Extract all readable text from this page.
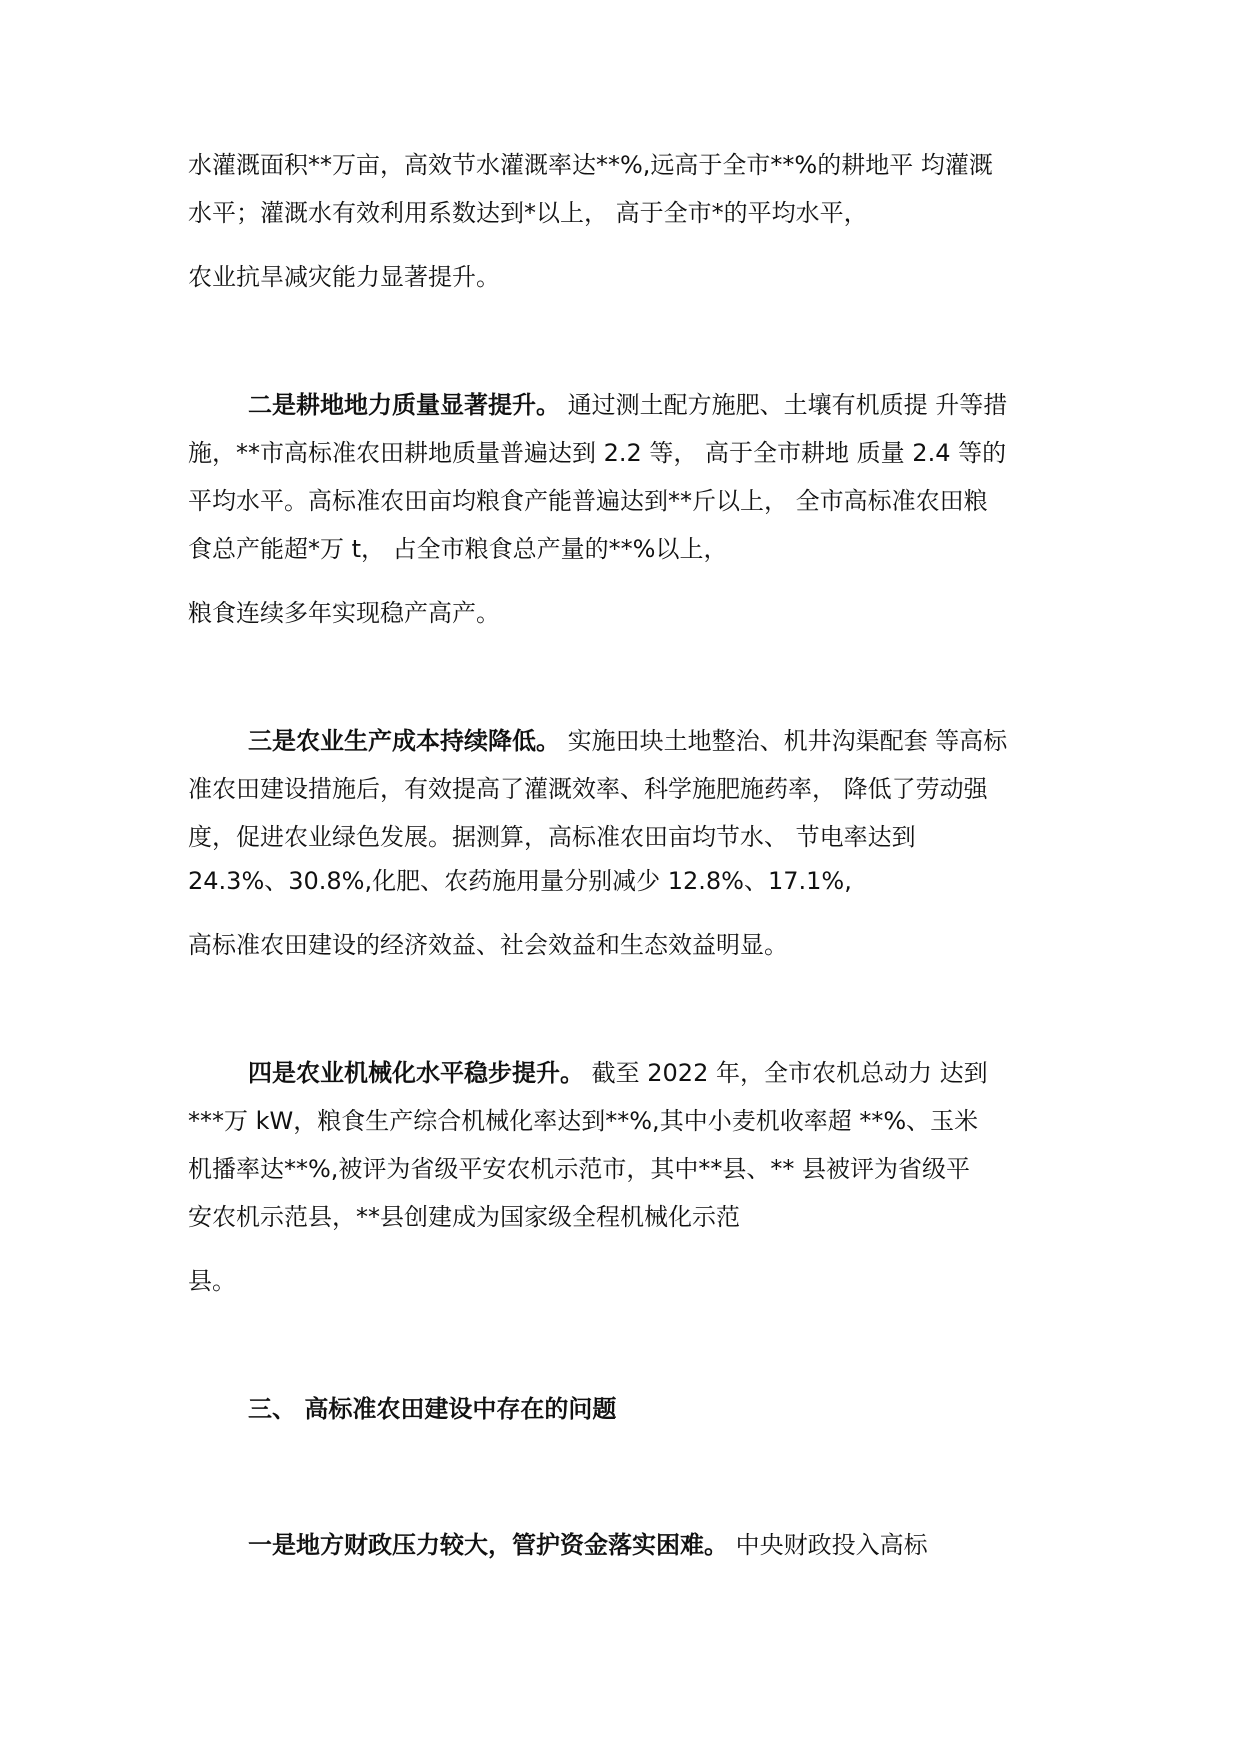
水灌溉面积**万亩，高效节水灌溉率达**%,远高于全市**%的耕地平 均灌溉
水平；灌溉水有效利用系数达到*以上， 高于全市*的平均水平，
农业抗旱减灾能力显著提升。
二是耕地地力质量显著提升。 通过测土配方施肥、土壤有机质提 升等措
施，**市高标准农田耕地质量普遍达到 2.2 等， 高于全市耕地 质量 2.4 等的
平均水平。高标准农田亩均粮食产能普遍达到**斤以上， 全市高标准农田粮
食总产能超*万 t， 占全市粮食总产量的**%以上，
粮食连续多年实现稳产高产。
三是农业生产成本持续降低。 实施田块土地整治、机井沟渠配套 等高标
准农田建设措施后，有效提高了灌溉效率、科学施肥施药率， 降低了劳动强
度，促进农业绿色发展。据测算，高标准农田亩均节水、 节电率达到
24.3%、30.8%,化肥、农药施用量分别减少 12.8%、17.1%,
高标准农田建设的经济效益、社会效益和生态效益明显。
四是农业机械化水平稳步提升。 截至 2022 年，全市农机总动力 达到
***万 kW，粮食生产综合机械化率达到**%,其中小麦机收率超 **%、玉米
机播率达**%,被评为省级平安农机示范市，其中**县、** 县被评为省级平
安农机示范县，**县创建成为国家级全程机械化示范
县。
三、 高标准农田建设中存在的问题
一是地方财政压力较大，管护资金落实困难。 中央财政投入高标
